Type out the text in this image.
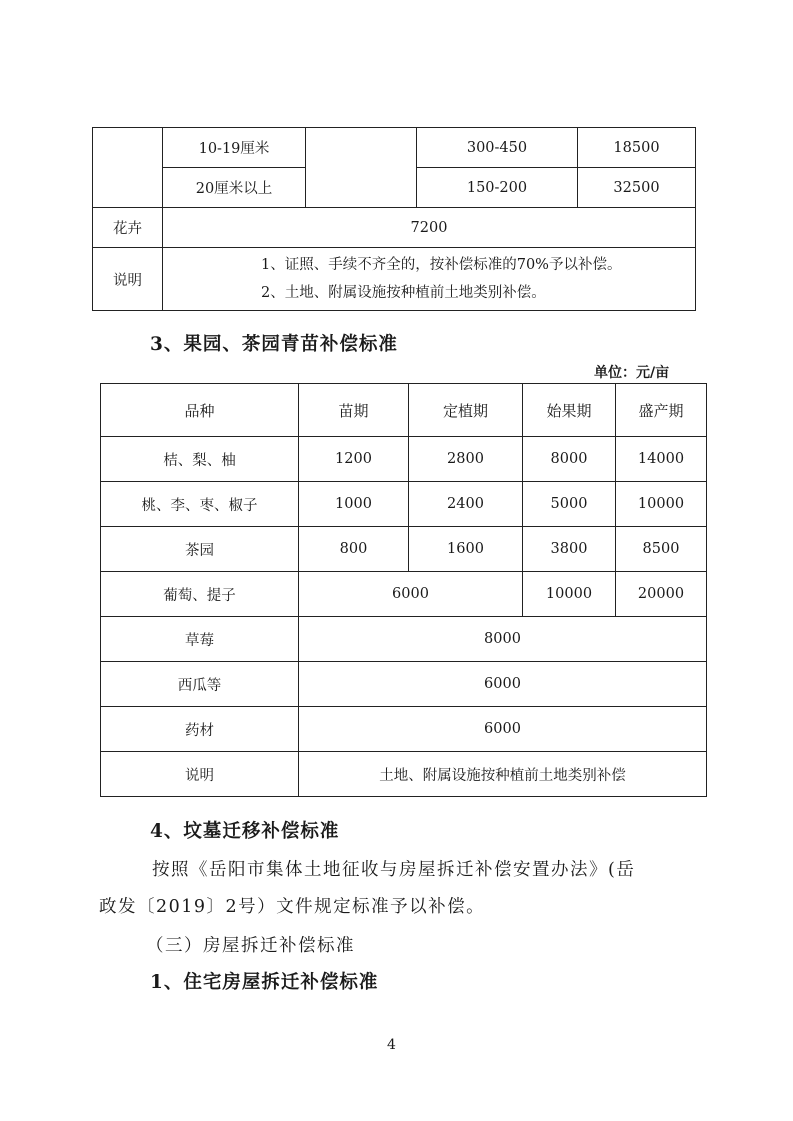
	10-19厘米		300-450	18500
	20厘米以上		150-200	32500
花卉	7200			
说明	1、证照、手续不齐全的，按补偿标准的70%予以补偿。
2、土地、附属设施按种植前土地类别补偿。			
3、果园、茶园青苗补偿标准
单位：元/亩
品种	苗期	定植期	始果期	盛产期
桔、梨、柚	1200	2800	8000	14000
桃、李、枣、椒子	1000	2400	5000	10000
茶园	800	1600	3800	8500
葡萄、提子	6000		10000	20000
草莓	8000			
西瓜等	6000			
药材	6000			
说明	土地、附属设施按种植前土地类别补偿			
4、坟墓迁移补偿标准
按照《岳阳市集体土地征收与房屋拆迁补偿安置办法》(岳
政发〔2019〕2号）文件规定标准予以补偿。
（三）房屋拆迁补偿标准
1、住宅房屋拆迁补偿标准
4
